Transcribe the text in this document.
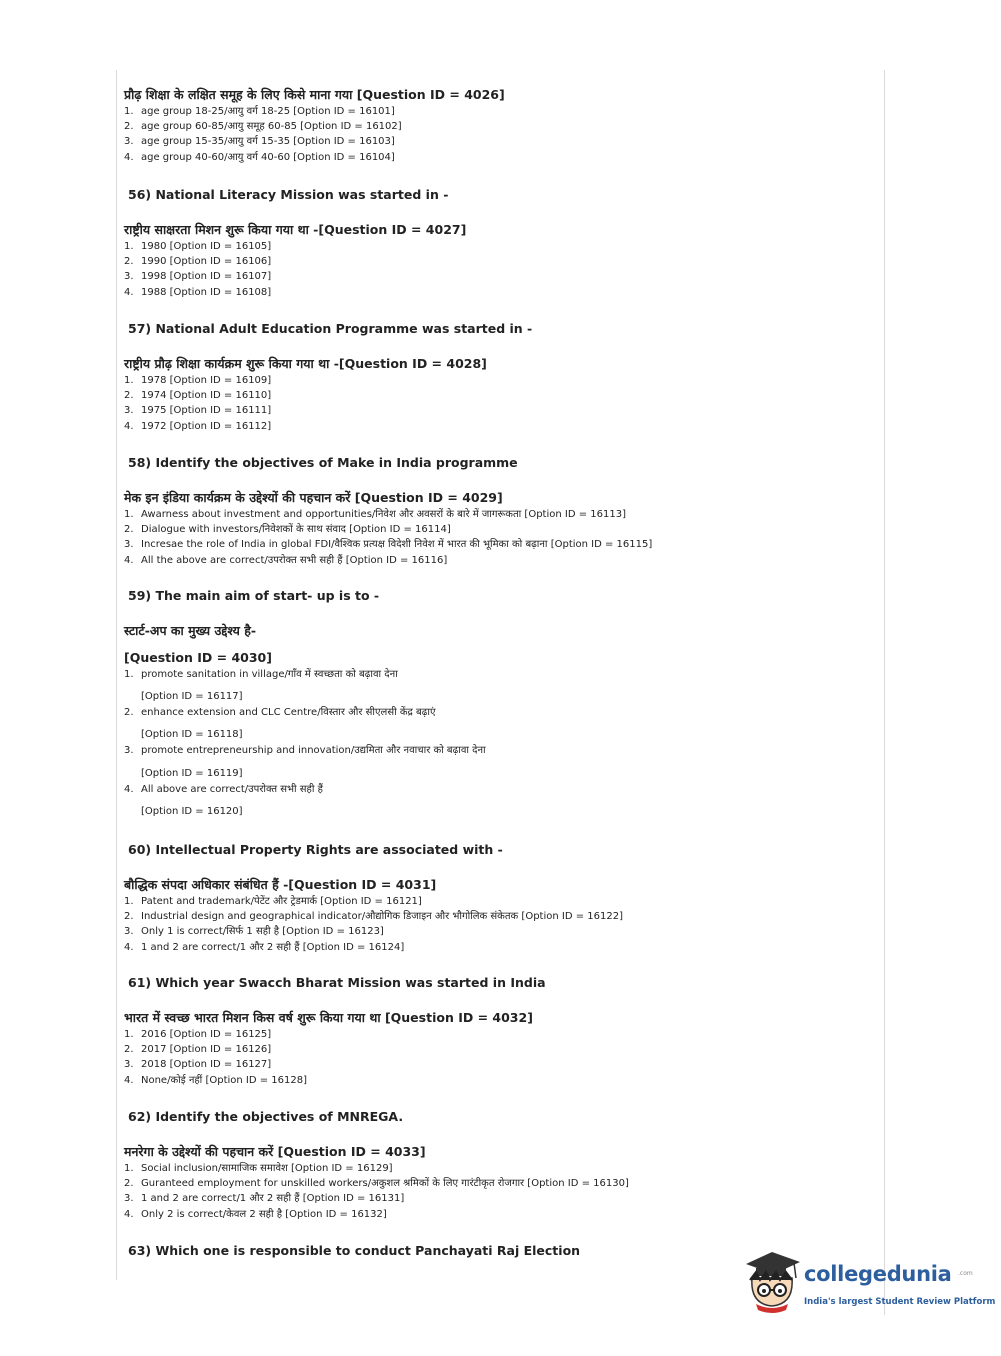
प्रौढ़ शिक्षा के लक्षित समूह के लिए किसे माना गया [Question ID = 4026]

1. age group 18-25/आयु वर्ग 18-25 [Option ID = 16101]
2. age group 60-85/आयु समूह 60-85 [Option ID = 16102]
3. age group 15-35/आयु वर्ग 15-35 [Option ID = 16103]
4. age group 40-60/आयु वर्ग 40-60 [Option ID = 16104]

56) National Literacy Mission was started in -

राष्ट्रीय साक्षरता मिशन शुरू किया गया था -[Question ID = 4027]

1. 1980 [Option ID = 16105]
2. 1990 [Option ID = 16106]
3. 1998 [Option ID = 16107]
4. 1988 [Option ID = 16108]

57) National Adult Education Programme was started in -

राष्ट्रीय प्रौढ़ शिक्षा कार्यक्रम शुरू किया गया था -[Question ID = 4028]

1. 1978 [Option ID = 16109]
2. 1974 [Option ID = 16110]
3. 1975 [Option ID = 16111]
4. 1972 [Option ID = 16112]

58) Identify the objectives of Make in India programme

मेक इन इंडिया कार्यक्रम के उद्देश्यों की पहचान करें [Question ID = 4029]

1. Awarness about investment and opportunities/निवेश और अवसरों के बारे में जागरूकता [Option ID = 16113]
2. Dialogue with investors/निवेशकों के साथ संवाद [Option ID = 16114]
3. Incresae the role of India in global FDI/वैश्विक प्रत्यक्ष विदेशी निवेश में भारत की भूमिका को बढ़ाना [Option ID = 16115]
4. All the above are correct/उपरोक्त सभी सही हैं [Option ID = 16116]

59) The main aim of start- up is to -

स्टार्ट-अप का मुख्य उद्देश्य है-

[Question ID = 4030]

1. promote sanitation in village/गाँव में स्वच्छता को बढ़ावा देना

[Option ID = 16117]

2. enhance extension and CLC Centre/विस्तार और सीएलसी केंद्र बढ़ाएं

[Option ID = 16118]

3. promote entrepreneurship and innovation/उद्यमिता और नवाचार को बढ़ावा देना

[Option ID = 16119]

4. All above are correct/उपरोक्त सभी सही हैं

[Option ID = 16120]

60) Intellectual Property Rights are associated with -

बौद्धिक संपदा अधिकार संबंधित हैं -[Question ID = 4031]

1. Patent and trademark/पेटेंट और ट्रेडमार्क [Option ID = 16121]
2. Industrial design and geographical indicator/औद्योगिक डिजाइन और भौगोलिक संकेतक [Option ID = 16122]
3. Only 1 is correct/सिर्फ 1 सही है [Option ID = 16123]
4. 1 and 2 are correct/1 और 2 सही हैं [Option ID = 16124]

61) Which year Swacch Bharat Mission was started in India

भारत में स्वच्छ भारत मिशन किस वर्ष शुरू किया गया था [Question ID = 4032]

1. 2016 [Option ID = 16125]
2. 2017 [Option ID = 16126]
3. 2018 [Option ID = 16127]
4. None/कोई नहीं [Option ID = 16128]

62) Identify the objectives of MNREGA.

मनरेगा के उद्देश्यों की पहचान करें [Question ID = 4033]

1. Social inclusion/सामाजिक समावेश [Option ID = 16129]
2. Guranteed employment for unskilled workers/अकुशल श्रमिकों के लिए गारंटीकृत रोजगार [Option ID = 16130]
3. 1 and 2 are correct/1 और 2 सही हैं [Option ID = 16131]
4. Only 2 is correct/केवल 2 सही है [Option ID = 16132]

63) Which one is responsible to conduct Panchayati Raj Election

collegedunia .com
India's largest Student Review Platform
